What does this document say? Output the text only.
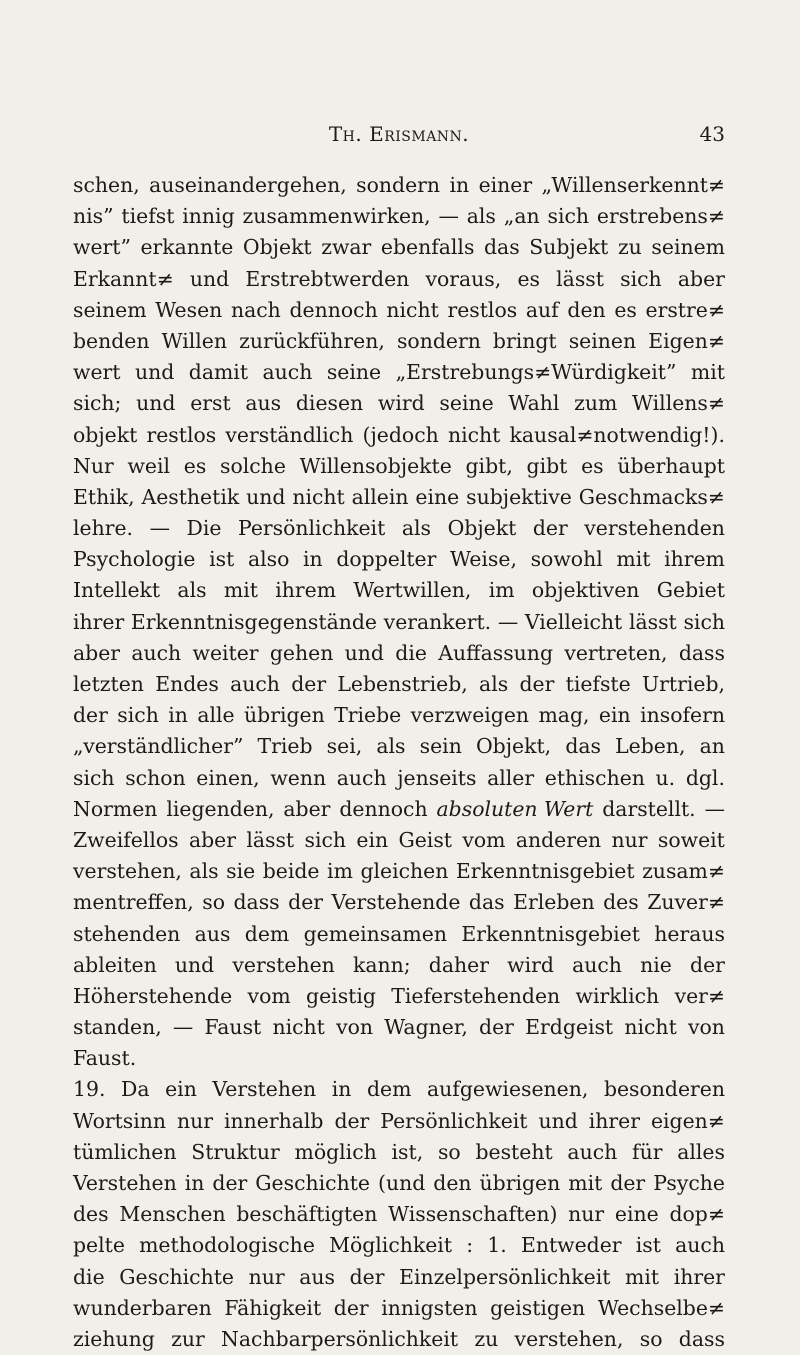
Th. Erismann.	43
schen, auseinandergehen, sondern in einer „Willenserkennt≠
nis” tiefst innig zusammenwirken, — als „an sich erstrebens≠
wert” erkannte Objekt zwar ebenfalls das Subjekt zu seinem
Erkannt≠ und Erstrebtwerden voraus, es lässt sich aber
seinem Wesen nach dennoch nicht restlos auf den es erstre≠
benden Willen zurückführen, sondern bringt seinen Eigen≠
wert und damit auch seine „Erstrebungs≠Würdigkeit” mit
sich; und erst aus diesen wird seine Wahl zum Willens≠
objekt restlos verständlich (jedoch nicht kausal≠notwendig!).
Nur weil es solche Willensobjekte gibt, gibt es überhaupt
Ethik, Aesthetik und nicht allein eine subjektive Geschmacks≠
lehre. — Die Persönlichkeit als Objekt der verstehenden
Psychologie ist also in doppelter Weise, sowohl mit ihrem
Intellekt als mit ihrem Wertwillen, im objektiven Gebiet
ihrer Erkenntnisgegenstände verankert. — Vielleicht lässt sich
aber auch weiter gehen und die Auffassung vertreten, dass
letzten Endes auch der Lebenstrieb, als der tiefste Urtrieb,
der sich in alle übrigen Triebe verzweigen mag, ein insofern
„verständlicher” Trieb sei, als sein Objekt, das Leben, an
sich schon einen, wenn auch jenseits aller ethischen u. dgl.
Normen liegenden, aber dennoch absoluten Wert darstellt. —
Zweifellos aber lässt sich ein Geist vom anderen nur soweit
verstehen, als sie beide im gleichen Erkenntnisgebiet zusam≠
mentreffen, so dass der Verstehende das Erleben des Zuver≠
stehenden aus dem gemeinsamen Erkenntnisgebiet heraus
ableiten und verstehen kann; daher wird auch nie der
Höherstehende vom geistig Tieferstehenden wirklich ver≠
standen, — Faust nicht von Wagner, der Erdgeist nicht von
Faust.
19. Da ein Verstehen in dem aufgewiesenen, besonderen
Wortsinn nur innerhalb der Persönlichkeit und ihrer eigen≠
tümlichen Struktur möglich ist, so besteht auch für alles
Verstehen in der Geschichte (und den übrigen mit der Psyche
des Menschen beschäftigten Wissenschaften) nur eine dop≠
pelte methodologische Möglichkeit : 1. Entweder ist auch
die Geschichte nur aus der Einzelpersönlichkeit mit ihrer
wunderbaren Fähigkeit der innigsten geistigen Wechselbe≠
ziehung zur Nachbarpersönlichkeit zu verstehen, so dass
